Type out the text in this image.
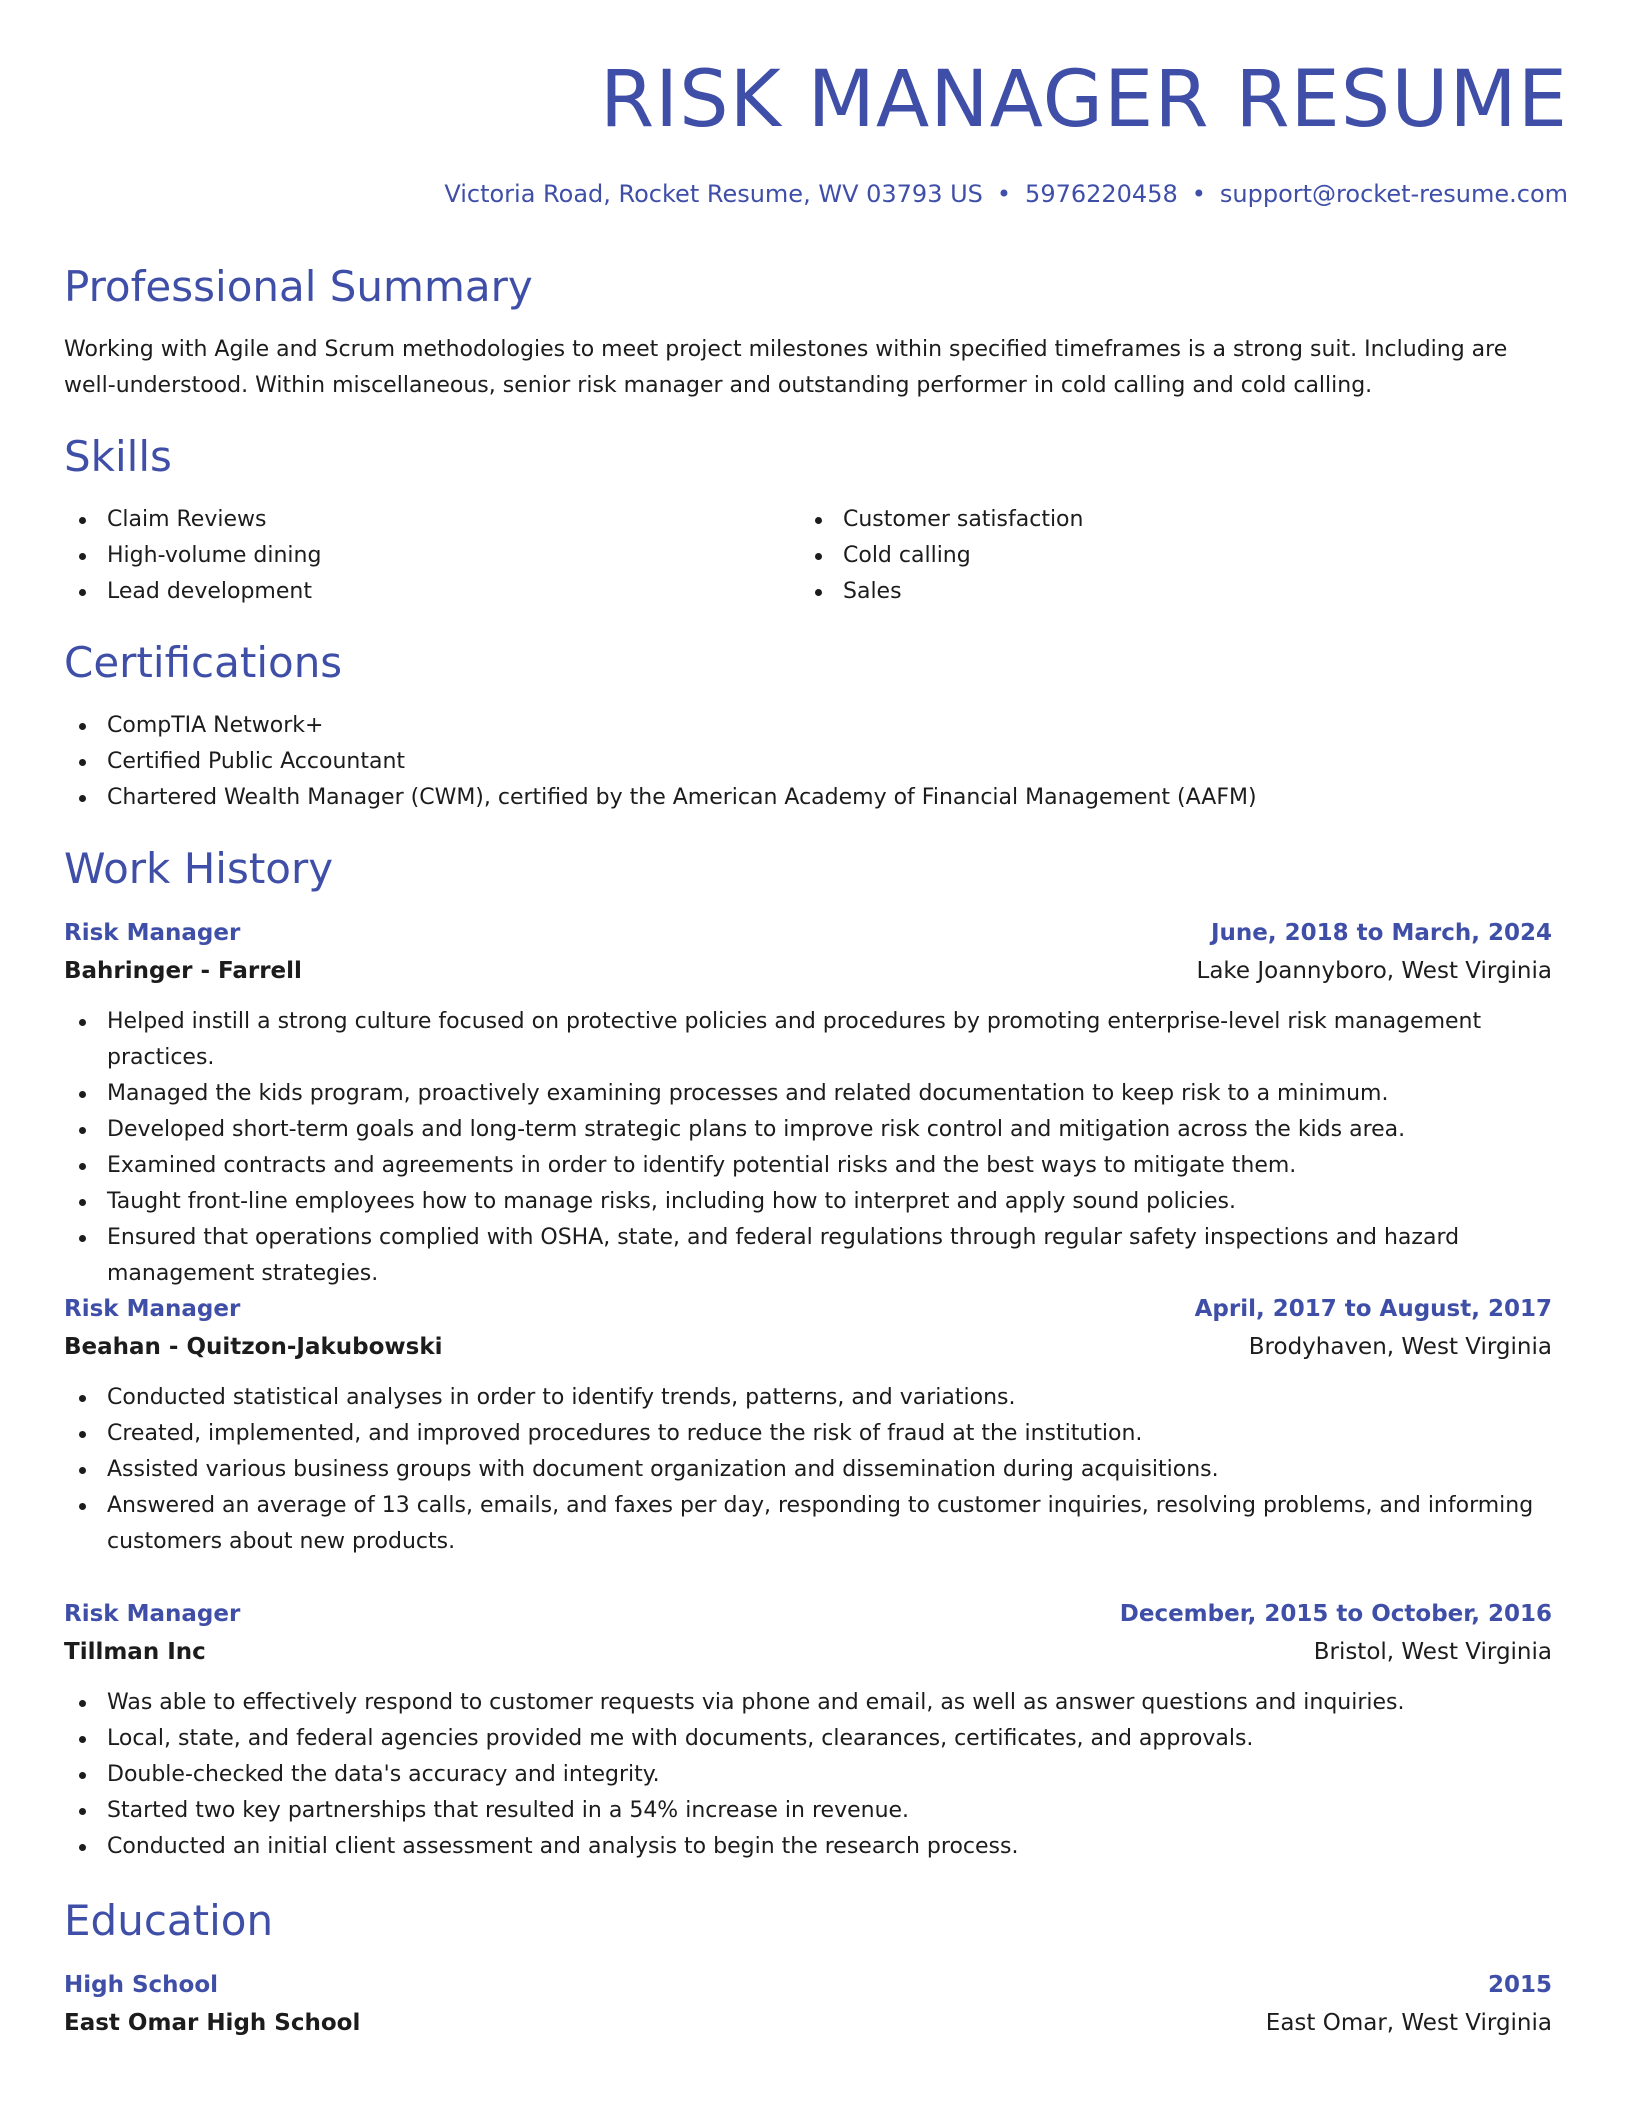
RISK MANAGER RESUME
Victoria Road, Rocket Resume, WV 03793 US • 5976220458 • support@rocket-resume.com
Professional Summary

Working with Agile and Scrum methodologies to meet project milestones within specified timeframes is a strong suit. Including are well-understood. Within miscellaneous, senior risk manager and outstanding performer in cold calling and cold calling.

Skills
Claim Reviews
High-volume dining
Lead development
Customer satisfaction
Cold calling
Sales
Certifications
CompTIA Network+
Certified Public Accountant
Chartered Wealth Manager (CWM), certified by the American Academy of Financial Management (AAFM)
Work History
Risk Manager	June, 2018 to March, 2024
Bahringer - Farrell	Lake Joannyboro, West Virginia
Helped instill a strong culture focused on protective policies and procedures by promoting enterprise-level risk management practices.
Managed the kids program, proactively examining processes and related documentation to keep risk to a minimum.
Developed short-term goals and long-term strategic plans to improve risk control and mitigation across the kids area.
Examined contracts and agreements in order to identify potential risks and the best ways to mitigate them.
Taught front-line employees how to manage risks, including how to interpret and apply sound policies.
Ensured that operations complied with OSHA, state, and federal regulations through regular safety inspections and hazard management strategies.
Risk Manager	April, 2017 to August, 2017
Beahan - Quitzon-Jakubowski	Brodyhaven, West Virginia
Conducted statistical analyses in order to identify trends, patterns, and variations.
Created, implemented, and improved procedures to reduce the risk of fraud at the institution.
Assisted various business groups with document organization and dissemination during acquisitions.
Answered an average of 13 calls, emails, and faxes per day, responding to customer inquiries, resolving problems, and informing customers about new products.
Risk Manager	December, 2015 to October, 2016
Tillman Inc	Bristol, West Virginia
Was able to effectively respond to customer requests via phone and email, as well as answer questions and inquiries.
Local, state, and federal agencies provided me with documents, clearances, certificates, and approvals.
Double-checked the data's accuracy and integrity.
Started two key partnerships that resulted in a 54% increase in revenue.
Conducted an initial client assessment and analysis to begin the research process.
Education
High School	2015
East Omar High School	East Omar, West Virginia
